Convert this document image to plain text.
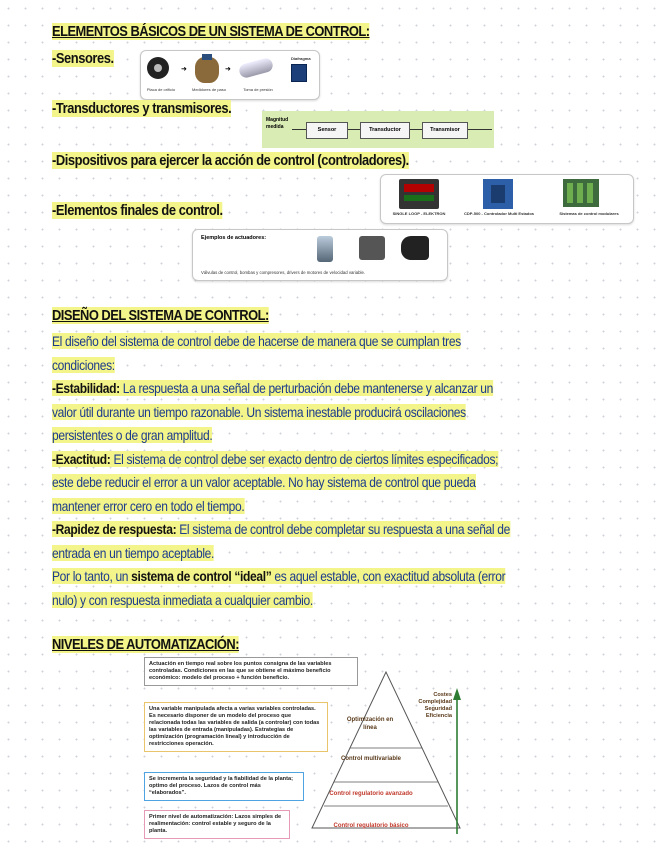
ELEMENTOS BÁSICOS DE UN SISTEMA DE CONTROL:
-Sensores.
Placa de orificio
➜
Medidores de paso
➜
Toma de presión
Diafragma
-Transductores y transmisores.
Magnitud medida	Sensor	Transductor	Transmisor
-Dispositivos para ejercer la acción de control (controladores).
SINGLE LOOP - ELEKTRON	CDP-500 - Controlador Multi Estados	Sistemas de control modulares
-Elementos finales de control.
Ejemplos de actuadores:
Válvulas de control, bombas y compresores, drivers de motores de velocidad variable.
DISEÑO DEL SISTEMA DE CONTROL:
El diseño del sistema de control debe de hacerse de manera que se cumplan tres
condiciones:
-Estabilidad: La respuesta a una señal de perturbación debe mantenerse y alcanzar un
valor útil durante un tiempo razonable. Un sistema inestable producirá oscilaciones
persistentes o de gran amplitud.
-Exactitud: El sistema de control debe ser exacto dentro de ciertos límites especificados;
este debe reducir el error a un valor aceptable. No hay sistema de control que pueda
mantener error cero en todo el tiempo.
-Rapidez de respuesta: El sistema de control debe completar su respuesta a una señal de
entrada en un tiempo aceptable.
Por lo tanto, un sistema de control “ideal” es aquel estable, con exactitud absoluta (error
nulo) y con respuesta inmediata a cualquier cambio.
NIVELES DE AUTOMATIZACIÓN:
Optimización en línea
Control multivariable
Control regulatorio avanzado
Control regulatorio básico
Costes
Complejidad
Seguridad
Eficiencia
Actuación en tiempo real sobre los puntos consigna de las variables controladas. Condiciones en las que se obtiene el máximo beneficio económico: modelo del proceso + función beneficio.
Una variable manipulada afecta a varias variables controladas. Es necesario disponer de un modelo del proceso que relacionada todas las variables de salida (a controlar) con todas las variables de entrada (manipuladas). Estrategias de optimización (programación lineal) y introducción de restricciones operación.
Se incrementa la seguridad y la fiabilidad de la planta; optimo del proceso. Lazos de control más “elaborados”.
Primer nivel de automatización: Lazos simples de realimentación: control estable y seguro de la planta.
